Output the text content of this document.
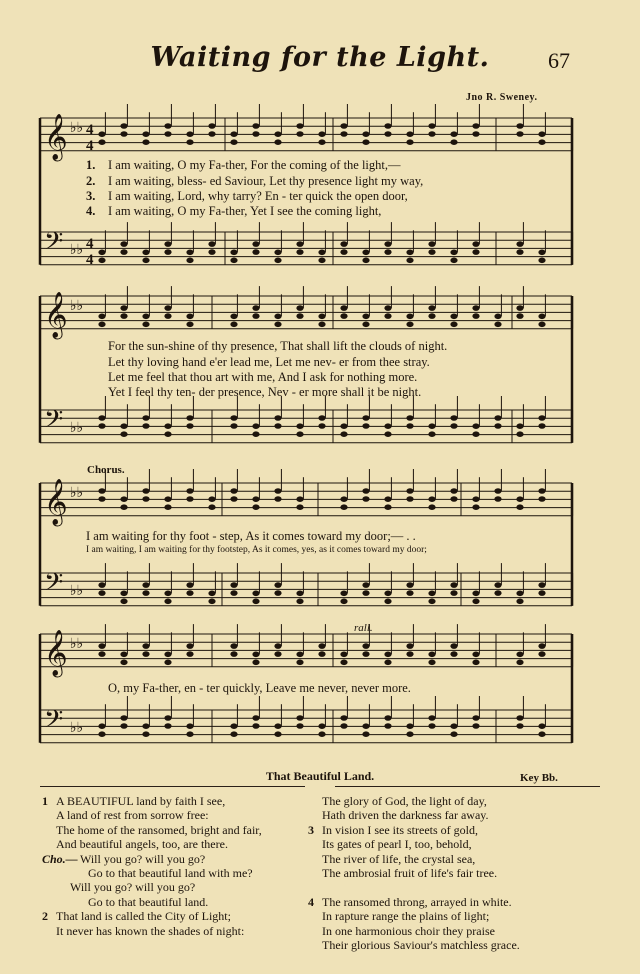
Waiting for the Light.	67
Jno R. Sweney.
𝄞 ♭♭
𝄢 ♭♭
𝄞 ♭♭
𝄢 ♭♭
𝄞 ♭♭
𝄢 ♭♭
𝄞 ♭♭
𝄢 ♭♭
4
4
4
4
Chorus.
rall.
1. I am waiting, O my Fa-ther, For the coming of the light,—
2. I am waiting, bless- ed Saviour, Let thy presence light my way,
3. I am waiting, Lord, why tarry? En - ter quick the open door,
4. I am waiting, O my Fa-ther, Yet I see the coming light,
For the sun-shine of thy presence, That shall lift the clouds of night.
Let thy loving hand e'er lead me, Let me nev- er from thee stray.
Let me feel that thou art with me, And I ask for nothing more.
Yet I feel thy ten- der presence, Nev - er more shall it be night.
I am waiting for thy foot - step, As it comes toward my door;— . .
I am waiting, I am waiting for thy footstep, As it comes, yes, as it comes toward my door;
O, my Fa-ther, en - ter quickly, Leave me never, never more.
That Beautiful Land.	Key Bb.
1 A BEAUTIFUL land by faith I see,
A land of rest from sorrow free:
The home of the ransomed, bright and fair,
And beautiful angels, too, are there.
Cho.— Will you go? will you go?
Go to that beautiful land with me?
Will you go? will you go?
Go to that beautiful land.
2 That land is called the City of Light;
It never has known the shades of night:
The glory of God, the light of day,
Hath driven the darkness far away.
3 In vision I see its streets of gold,
Its gates of pearl I, too, behold,
The river of life, the crystal sea,
The ambrosial fruit of life's fair tree.
4 The ransomed throng, arrayed in white.
In rapture range the plains of light;
In one harmonious choir they praise
Their glorious Saviour's matchless grace.
